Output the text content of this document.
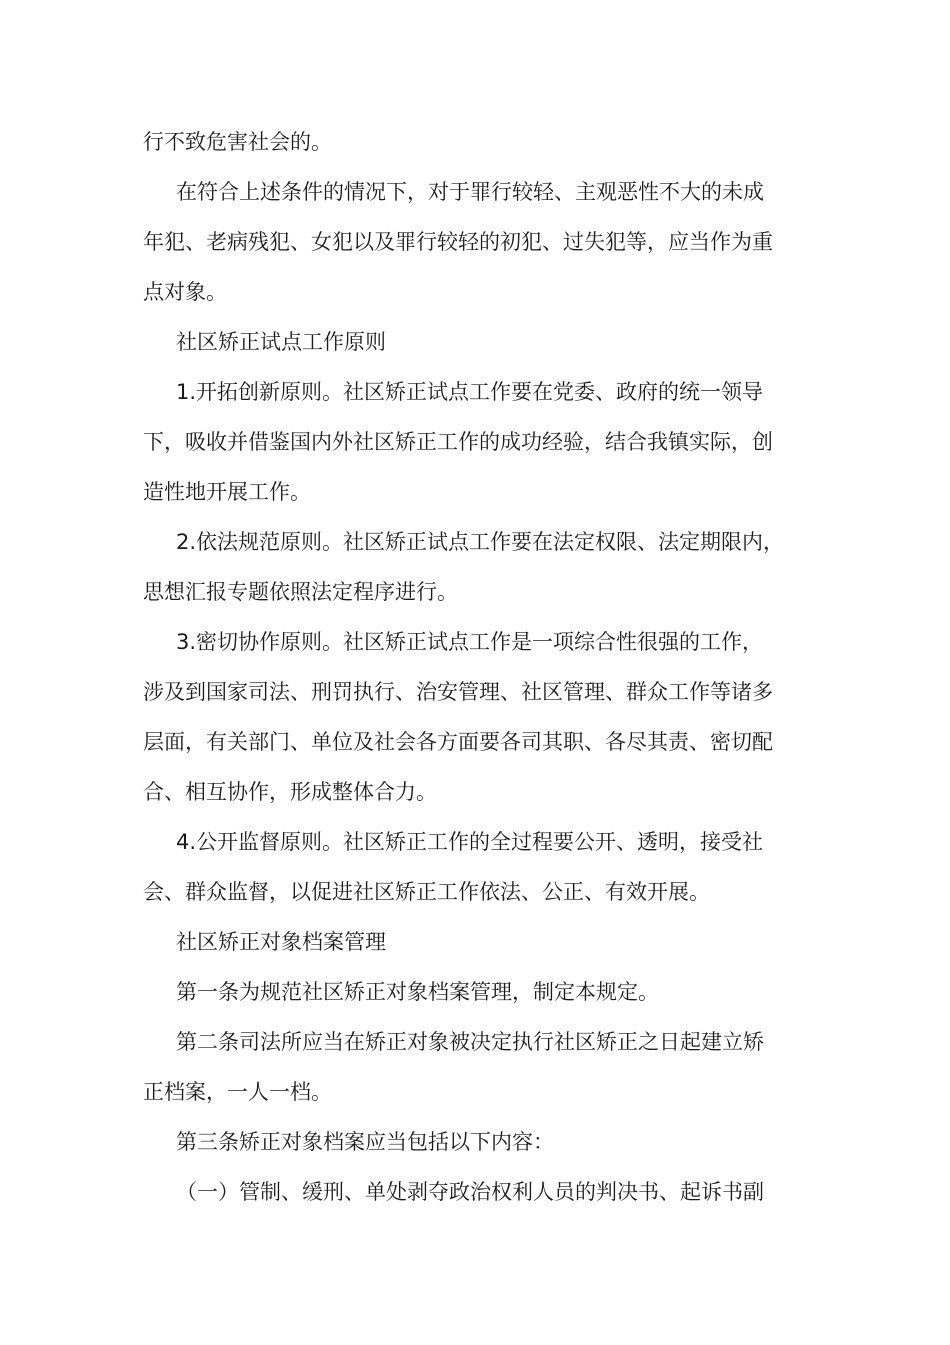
行不致危害社会的。
在符合上述条件的情况下，对于罪行较轻、主观恶性不大的未成
年犯、老病残犯、女犯以及罪行较轻的初犯、过失犯等，应当作为重
点对象。
社区矫正试点工作原则
1.开拓创新原则。社区矫正试点工作要在党委、政府的统一领导
下，吸收并借鉴国内外社区矫正工作的成功经验，结合我镇实际，创
造性地开展工作。
2.依法规范原则。社区矫正试点工作要在法定权限、法定期限内，
思想汇报专题依照法定程序进行。
3.密切协作原则。社区矫正试点工作是一项综合性很强的工作，
涉及到国家司法、刑罚执行、治安管理、社区管理、群众工作等诸多
层面，有关部门、单位及社会各方面要各司其职、各尽其责、密切配
合、相互协作，形成整体合力。
4.公开监督原则。社区矫正工作的全过程要公开、透明，接受社
会、群众监督，以促进社区矫正工作依法、公正、有效开展。
社区矫正对象档案管理
第一条为规范社区矫正对象档案管理，制定本规定。
第二条司法所应当在矫正对象被决定执行社区矫正之日起建立矫
正档案，一人一档。
第三条矫正对象档案应当包括以下内容：
（一）管制、缓刑、单处剥夺政治权利人员的判决书、起诉书副
